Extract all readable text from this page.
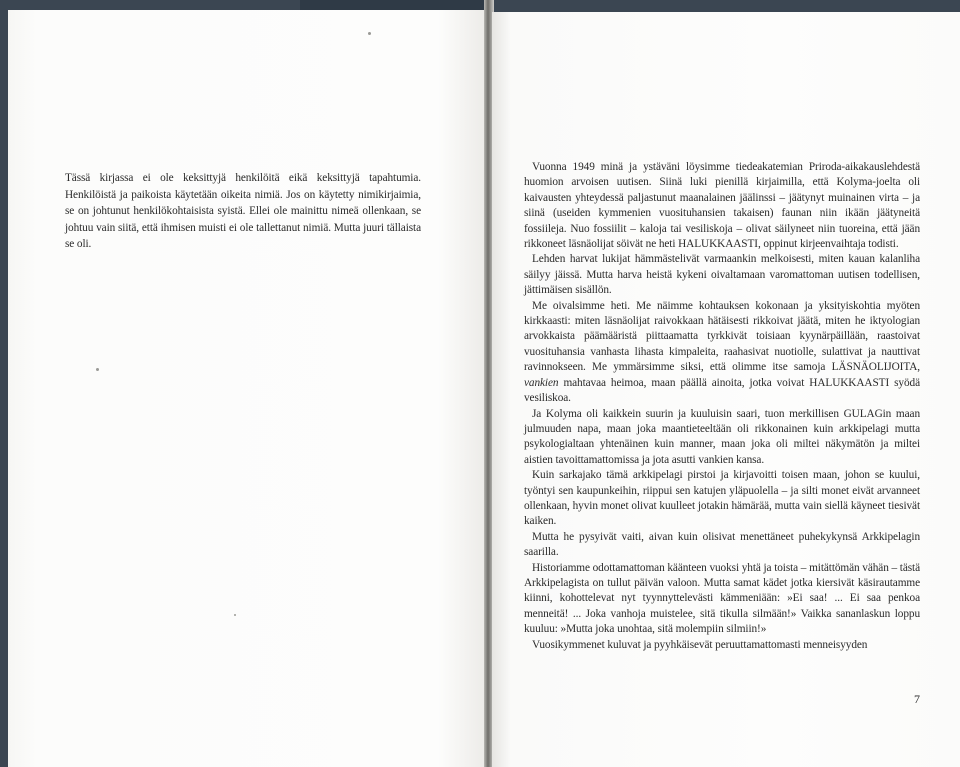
Tässä kirjassa ei ole keksittyjä henkilöitä eikä keksittyjä tapahtumia. Henkilöistä ja paikoista käytetään oikeita nimiä. Jos on käytetty nimikirjaimia, se on johtunut henkilökohtaisista syistä. Ellei ole mainittu nimeä ollenkaan, se johtuu vain siitä, että ihmisen muisti ei ole tallettanut nimiä. Mutta juuri tällaista se oli.

Vuonna 1949 minä ja ystäväni löysimme tiedeakatemian Priroda-aikakauslehdestä huomion arvoisen uutisen. Siinä luki pienillä kirjaimilla, että Kolyma-joelta oli kaivausten yhteydessä paljastunut maanalainen jäälinssi – jäätynyt muinainen virta – ja siinä (useiden kymmenien vuosituhansien takaisen) faunan niin ikään jäätyneitä fossiileja. Nuo fossiilit – kaloja tai vesiliskoja – olivat säilyneet niin tuoreina, että jään rikkoneet läsnäolijat söivät ne heti HALUKKAASTI, oppinut kirjeenvaihtaja todisti.

Lehden harvat lukijat hämmästelivät varmaankin melkoisesti, miten kauan kalanliha säilyy jäissä. Mutta harva heistä kykeni oivaltamaan varomattoman uutisen todellisen, jättimäisen sisällön.

Me oivalsimme heti. Me näimme kohtauksen kokonaan ja yksityiskohtia myöten kirkkaasti: miten läsnäolijat raivokkaan hätäisesti rikkoivat jäätä, miten he iktyologian arvokkaista päämääristä piittaamatta tyrkkivät toisiaan kyynärpäillään, raastoivat vuosituhansia vanhasta lihasta kimpaleita, raahasivat nuotiolle, sulattivat ja nauttivat ravinnokseen. Me ymmärsimme siksi, että olimme itse samoja LÄSNÄOLIJOITA, vankien mahtavaa heimoa, maan päällä ainoita, jotka voivat HALUKKAASTI syödä vesiliskoa.

Ja Kolyma oli kaikkein suurin ja kuuluisin saari, tuon merkillisen GULAGin maan julmuuden napa, maan joka maantieteeltään oli rikkonainen kuin arkkipelagi mutta psykologialtaan yhtenäinen kuin manner, maan joka oli miltei näkymätön ja miltei aistien tavoittamattomissa ja jota asutti vankien kansa.

Kuin sarkajako tämä arkkipelagi pirstoi ja kirjavoitti toisen maan, johon se kuului, työntyi sen kaupunkeihin, riippui sen katujen yläpuolella – ja silti monet eivät arvanneet ollenkaan, hyvin monet olivat kuulleet jotakin hämärää, mutta vain siellä käyneet tiesivät kaiken.

Mutta he pysyivät vaiti, aivan kuin olisivat menettäneet puhekykynsä Arkkipelagin saarilla.

Historiamme odottamattoman käänteen vuoksi yhtä ja toista – mitättömän vähän – tästä Arkkipelagista on tullut päivän valoon. Mutta samat kädet jotka kiersivät käsirautamme kiinni, kohottelevat nyt tyynnyttelevästi kämmeniään: »Ei saa! ... Ei saa penkoa menneitä! ... Joka vanhoja muistelee, sitä tikulla silmään!» Vaikka sananlaskun loppu kuuluu: »Mutta joka unohtaa, sitä molempiin silmiin!»

Vuosikymmenet kuluvat ja pyyhkäisevät peruuttamattomasti menneisyyden

7
